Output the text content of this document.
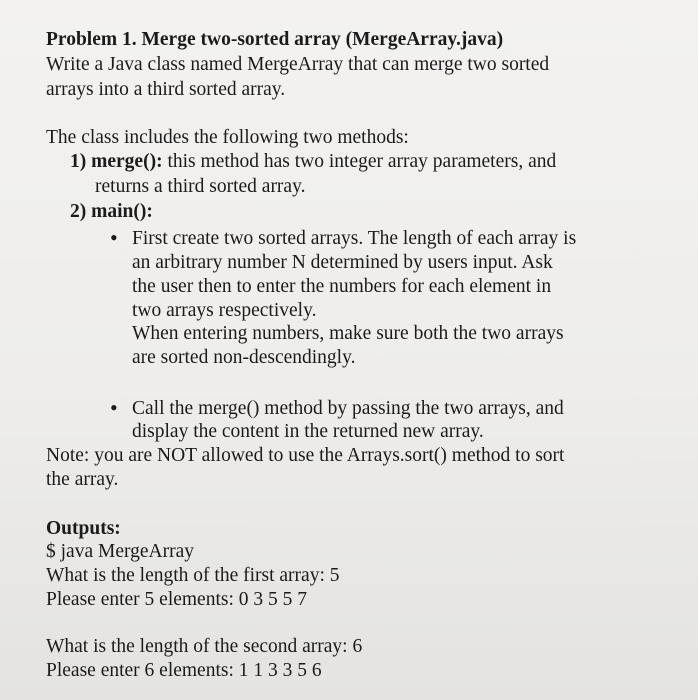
Problem 1. Merge two-sorted array (MergeArray.java)
Write a Java class named MergeArray that can merge two sorted
arrays into a third sorted array.
The class includes the following two methods:
1) merge(): this method has two integer array parameters, and
returns a third sorted array.
2) main():
• First create two sorted arrays. The length of each array is
an arbitrary number N determined by users input. Ask
the user then to enter the numbers for each element in
two arrays respectively.
When entering numbers, make sure both the two arrays
are sorted non-descendingly.
• Call the merge() method by passing the two arrays, and
display the content in the returned new array.
Note: you are NOT allowed to use the Arrays.sort() method to sort
the array.
Outputs:
$ java MergeArray
What is the length of the first array: 5
Please enter 5 elements: 0 3 5 5 7
What is the length of the second array: 6
Please enter 6 elements: 1 1 3 3 5 6
